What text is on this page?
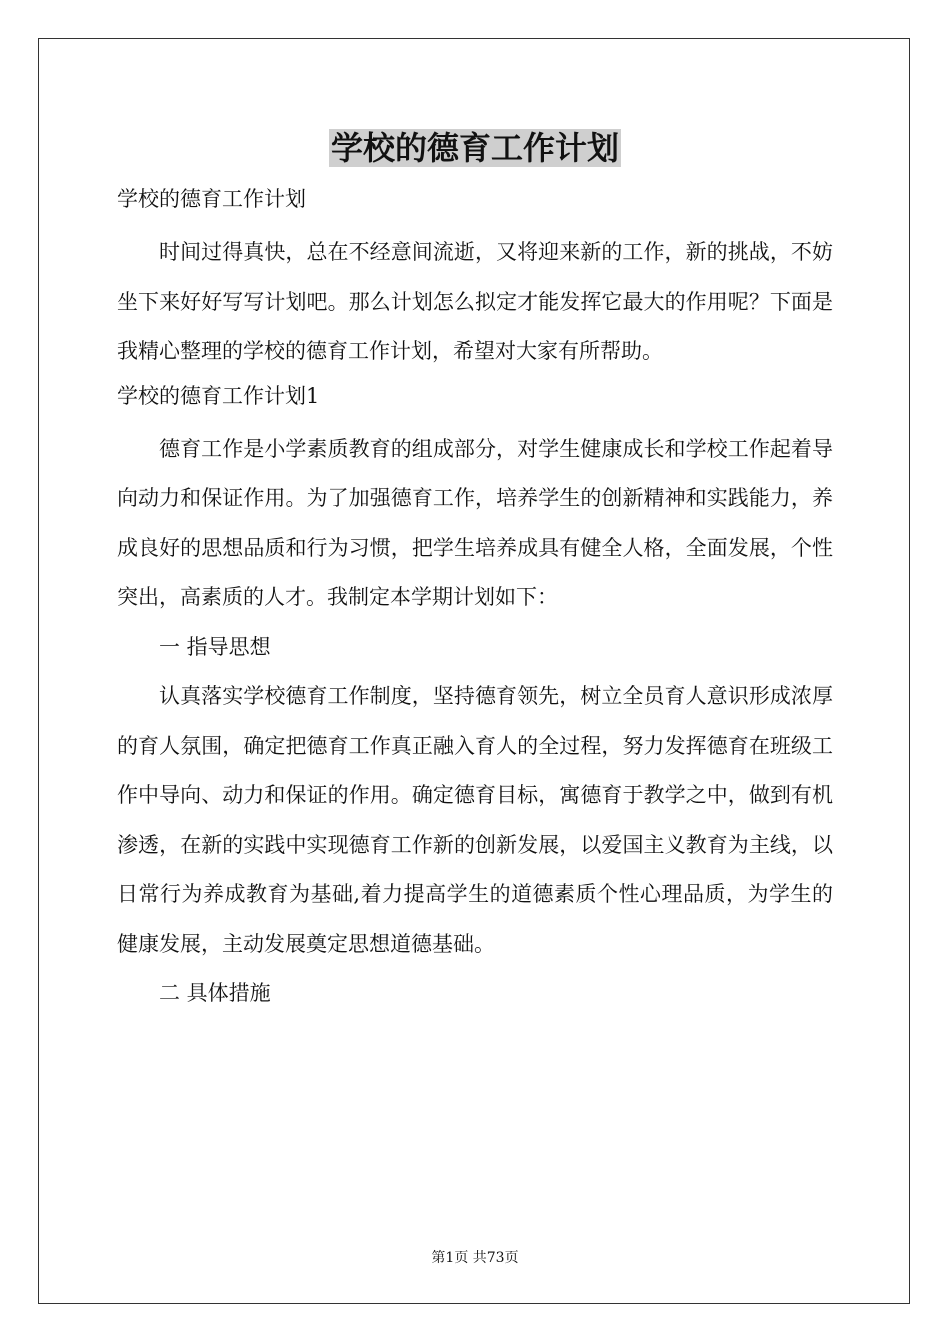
学校的德育工作计划

学校的德育工作计划

时间过得真快，总在不经意间流逝，又将迎来新的工作，新的挑战，不妨坐下来好好写写计划吧。那么计划怎么拟定才能发挥它最大的作用呢？下面是我精心整理的学校的德育工作计划，希望对大家有所帮助。

学校的德育工作计划1

德育工作是小学素质教育的组成部分，对学生健康成长和学校工作起着导向动力和保证作用。为了加强德育工作，培养学生的创新精神和实践能力，养成良好的思想品质和行为习惯，把学生培养成具有健全人格，全面发展，个性突出，高素质的人才。我制定本学期计划如下：

一 指导思想

认真落实学校德育工作制度，坚持德育领先，树立全员育人意识形成浓厚的育人氛围，确定把德育工作真正融入育人的全过程，努力发挥德育在班级工作中导向、动力和保证的作用。确定德育目标，寓德育于教学之中，做到有机渗透，在新的实践中实现德育工作新的创新发展，以爱国主义教育为主线，以日常行为养成教育为基础,着力提高学生的道德素质个性心理品质，为学生的健康发展，主动发展奠定思想道德基础。

二 具体措施

第1页 共73页
